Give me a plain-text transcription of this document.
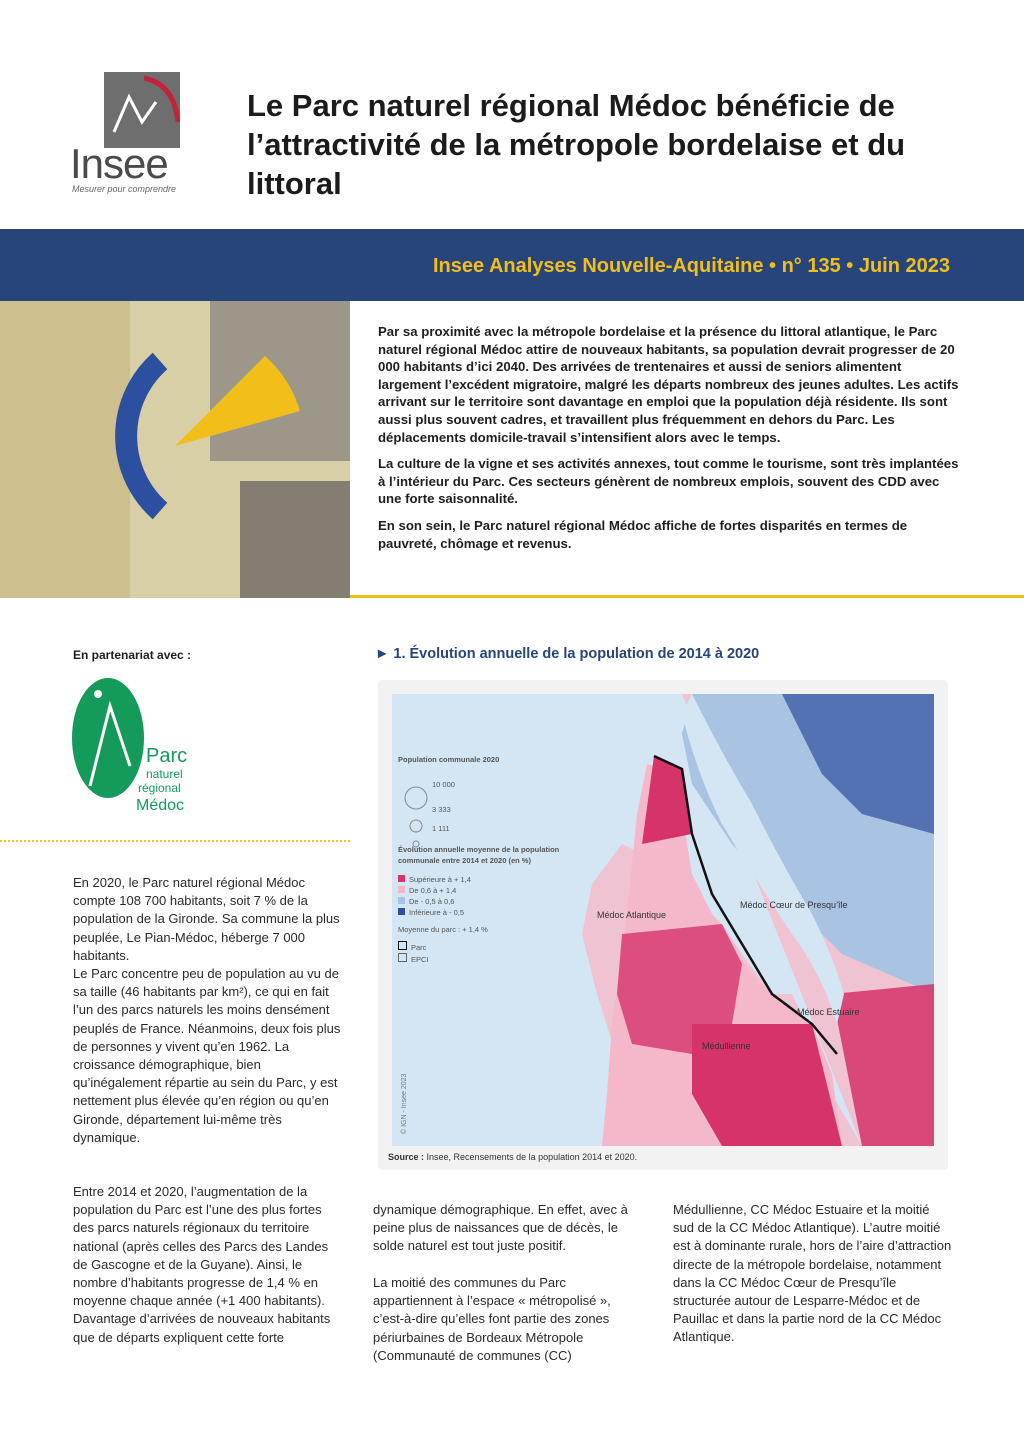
Insee
Mesurer pour comprendre
Le Parc naturel régional Médoc bénéficie de l’attractivité de la métropole bordelaise et du littoral
Insee Analyses Nouvelle-Aquitaine • n° 135 • Juin 2023

Par sa proximité avec la métropole bordelaise et la présence du littoral atlantique, le Parc naturel régional Médoc attire de nouveaux habitants, sa population devrait progresser de 20 000 habitants d’ici 2040. Des arrivées de trentenaires et aussi de seniors alimentent largement l’excédent migratoire, malgré les départs nombreux des jeunes adultes. Les actifs arrivant sur le territoire sont davantage en emploi que la population déjà résidente. Ils sont aussi plus souvent cadres, et travaillent plus fréquemment en dehors du Parc. Les déplacements domicile-travail s’intensifient alors avec le temps.

La culture de la vigne et ses activités annexes, tout comme le tourisme, sont très implantées à l’intérieur du Parc. Ces secteurs génèrent de nombreux emplois, souvent des CDD avec une forte saisonnalité.

En son sein, le Parc naturel régional Médoc affiche de fortes disparités en termes de pauvreté, chômage et revenus.

En partenariat avec :
Parc
naturel
régional
Médoc

En 2020, le Parc naturel régional Médoc compte 108 700 habitants, soit 7 % de la population de la Gironde. Sa commune la plus peuplée, Le Pian-Médoc, héberge 7 000 habitants.

Le Parc concentre peu de population au vu de sa taille (46 habitants par km²), ce qui en fait l’un des parcs naturels les moins densément peuplés de France. Néanmoins, deux fois plus de personnes y vivent qu’en 1962. La croissance démographique, bien qu’inégalement répartie au sein du Parc, y est nettement plus élevée qu’en région ou qu’en Gironde, département lui-même très dynamique.

Entre 2014 et 2020, l’augmentation de la population du Parc est l’une des plus fortes des parcs naturels régionaux du territoire national (après celles des Parcs des Landes de Gascogne et de la Guyane). Ainsi, le nombre d’habitants progresse de 1,4 % en moyenne chaque année (+1 400 habitants). Davantage d’arrivées de nouveaux habitants que de départs expliquent cette forte

► 1. Évolution annuelle de la population de 2014 à 2020
Médoc Atlantique
Médoc Cœur de Presqu’île
Médoc Estuaire
Médullienne
© IGN - Insee 2023
Population communale 2020
10 000
3 333
1 111
Évolution annuelle moyenne de la population communale entre 2014 et 2020 (en %)
Supérieure à + 1,4
De 0,6 à + 1,4
De - 0,5 à 0,6
Inférieure à - 0,5
Moyenne du parc : + 1,4 %
Parc
EPCI
Source : Insee, Recensements de la population 2014 et 2020.

dynamique démographique. En effet, avec à peine plus de naissances que de décès, le solde naturel est tout juste positif.

La moitié des communes du Parc appartiennent à l’espace « métropolisé », c’est-à-dire qu’elles font partie des zones périurbaines de Bordeaux Métropole (Communauté de communes (CC)

Médullienne, CC Médoc Estuaire et la moitié sud de la CC Médoc Atlantique). L’autre moitié est à dominante rurale, hors de l’aire d’attraction directe de la métropole bordelaise, notamment dans la CC Médoc Cœur de Presqu’île structurée autour de Lesparre-Médoc et de Pauillac et dans la partie nord de la CC Médoc Atlantique.
